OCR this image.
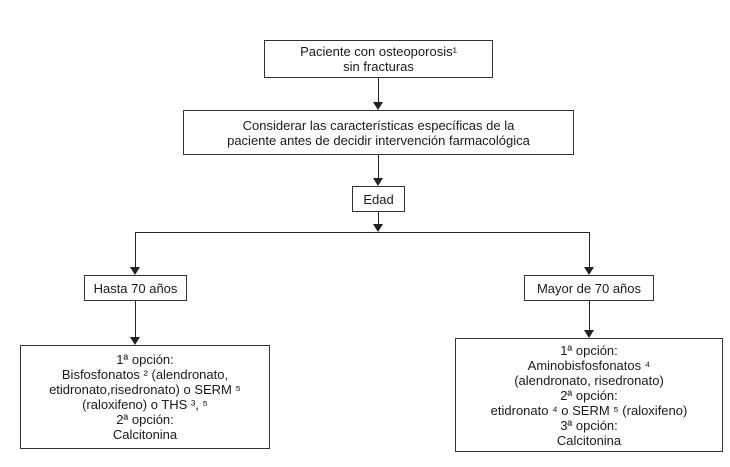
Paciente con osteoporosis¹
sin fracturas
Considerar las características específicas de la
paciente antes de decidir intervención farmacológica
Edad
Hasta 70 años	Mayor de 70 años
1ª opción:
Bisfosfonatos ² (alendronato,
etidronato,risedronato) o SERM ⁵
(raloxifeno) o THS ³, ⁵
2ª opción:
Calcitonina
1ª opción:
Aminobisfosfonatos ⁴
(alendronato, risedronato)
2ª opción:
etidronato ⁴ o SERM ⁵ (raloxifeno)
3ª opción:
Calcitonina
